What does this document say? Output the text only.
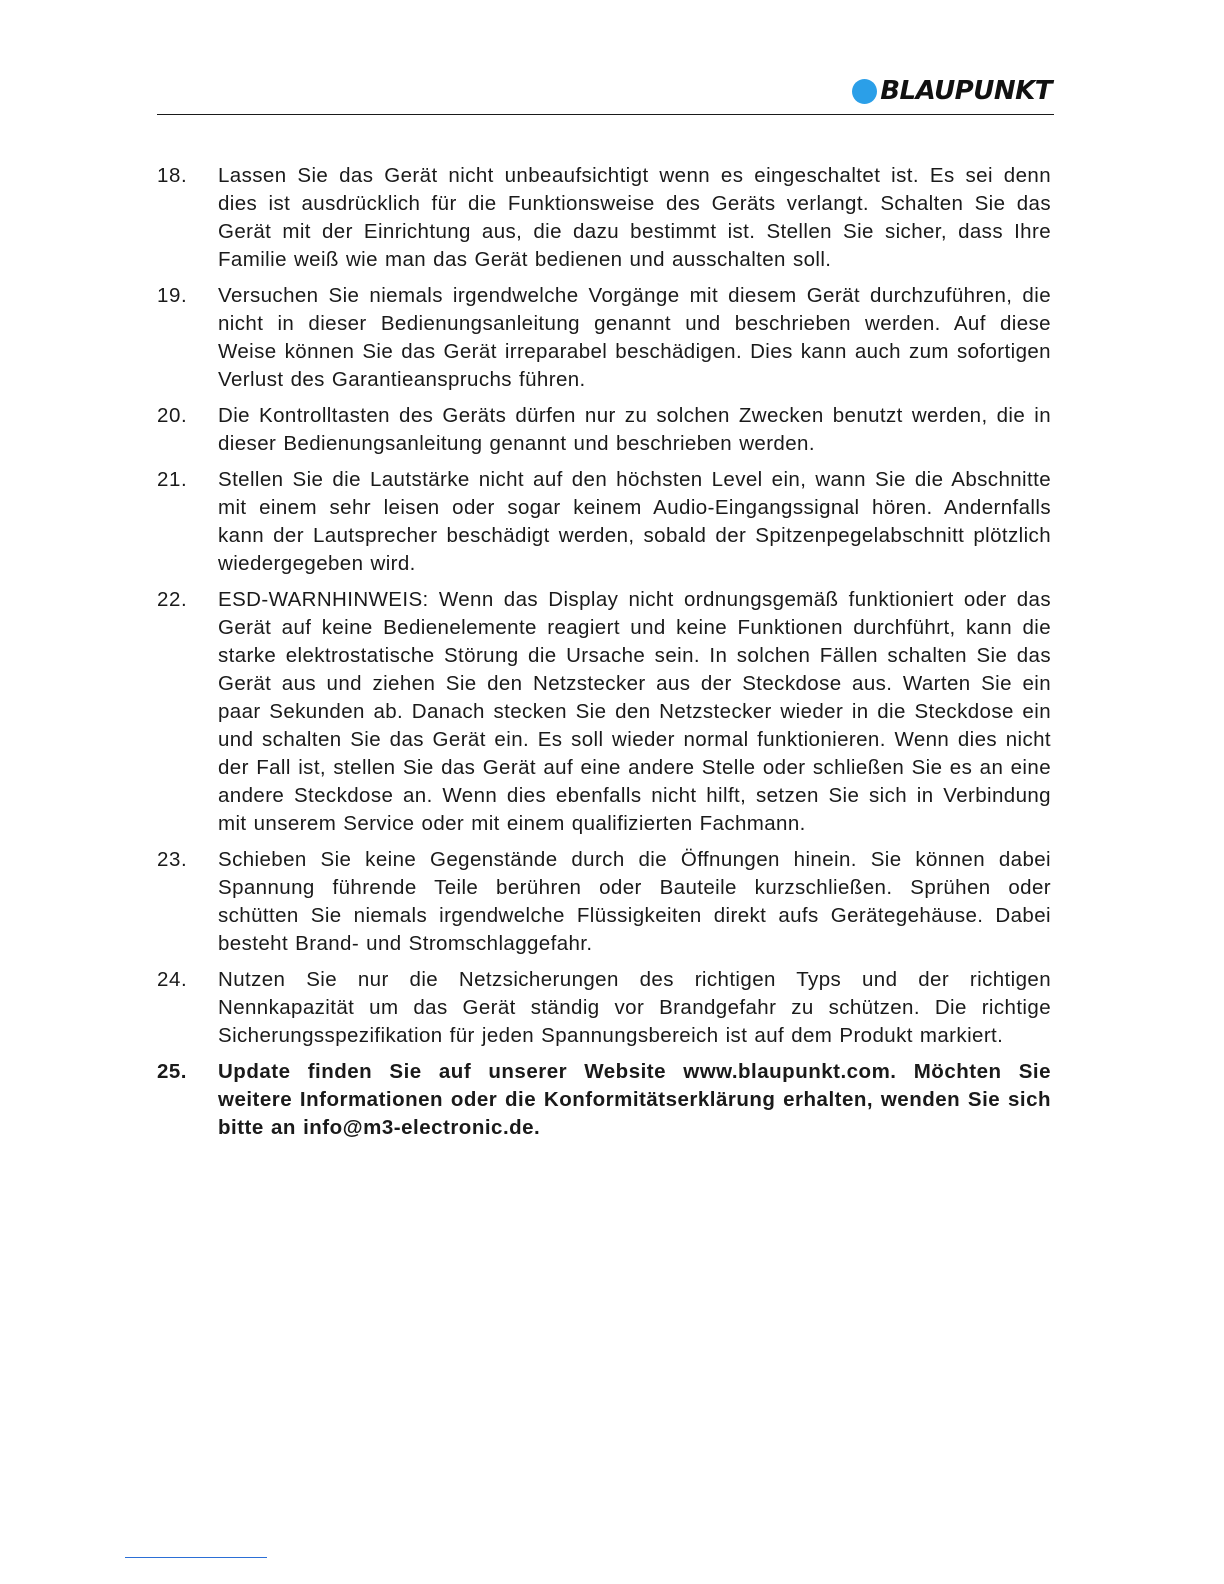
BLAUPUNKT
18.	Lassen Sie das Gerät nicht unbeaufsichtigt wenn es eingeschaltet ist. Es sei denn dies ist ausdrücklich für die Funktionsweise des Geräts verlangt. Schalten Sie das Gerät mit der Einrichtung aus, die dazu bestimmt ist. Stellen Sie sicher, dass Ihre Familie weiß wie man das Gerät bedienen und ausschalten soll.
19.	Versuchen Sie niemals irgendwelche Vorgänge mit diesem Gerät durchzuführen, die nicht in dieser Bedienungsanleitung genannt und beschrieben werden. Auf diese Weise können Sie das Gerät irreparabel beschädigen. Dies kann auch zum sofortigen Verlust des Garantieanspruchs führen.
20.	Die Kontrolltasten des Geräts dürfen nur zu solchen Zwecken benutzt werden, die in dieser Bedienungsanleitung genannt und beschrieben werden.
21.	Stellen Sie die Lautstärke nicht auf den höchsten Level ein, wann Sie die Abschnitte mit einem sehr leisen oder sogar keinem Audio-Eingangssignal hören. Andernfalls kann der Lautsprecher beschädigt werden, sobald der Spitzenpegelabschnitt plötzlich wiedergegeben wird.
22.	ESD-WARNHINWEIS: Wenn das Display nicht ordnungsgemäß funktioniert oder das Gerät auf keine Bedienelemente reagiert und keine Funktionen durchführt, kann die starke elektrostatische Störung die Ursache sein. In solchen Fällen schalten Sie das Gerät aus und ziehen Sie den Netzstecker aus der Steckdose aus. Warten Sie ein paar Sekunden ab. Danach stecken Sie den Netzstecker wieder in die Steckdose ein und schalten Sie das Gerät ein. Es soll wieder normal funktionieren. Wenn dies nicht der Fall ist, stellen Sie das Gerät auf eine andere Stelle oder schließen Sie es an eine andere Steckdose an. Wenn dies ebenfalls nicht hilft, setzen Sie sich in Verbindung mit unserem Service oder mit einem qualifizierten Fachmann.
23.	Schieben Sie keine Gegenstände durch die Öffnungen hinein. Sie können dabei Spannung führende Teile berühren oder Bauteile kurzschließen. Sprühen oder schütten Sie niemals irgendwelche Flüssigkeiten direkt aufs Gerätegehäuse. Dabei besteht Brand- und Stromschlaggefahr.
24.	Nutzen Sie nur die Netzsicherungen des richtigen Typs und der richtigen Nennkapazität um das Gerät ständig vor Brandgefahr zu schützen. Die richtige Sicherungsspezifikation für jeden Spannungsbereich ist auf dem Produkt markiert.
25.	Update finden Sie auf unserer Website www.blaupunkt.com. Möchten Sie weitere Informationen oder die Konformitätserklärung erhalten, wenden Sie sich bitte an info@m3-electronic.de.
